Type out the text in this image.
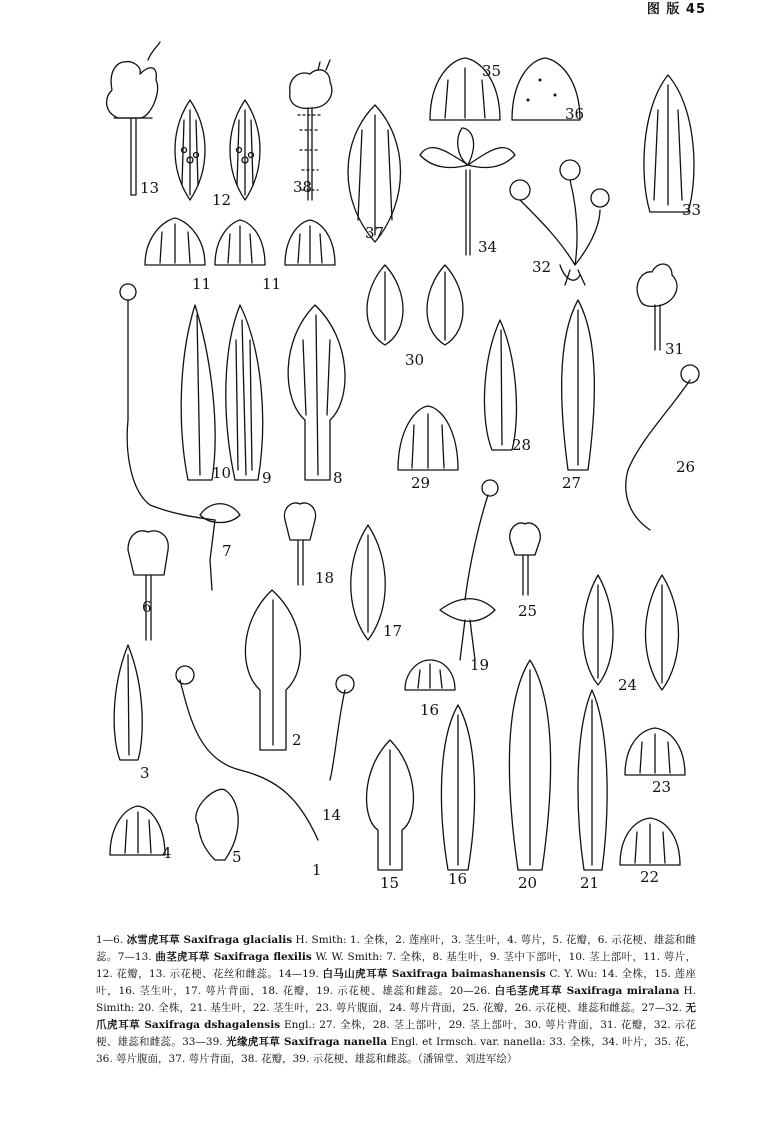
图 版 45
13
12
38
37
35
36
34
32
33
11	11
31
30
28
10 9	8	29	27
26
7
18
6	25
17
24
19
16
2
3
23
14
4	5
1
15	16	20	21	22
1—6. 冰雪虎耳草 Saxifraga glacialis H. Smith: 1. 全株，2. 莲座叶，3. 茎生叶，4. 萼片，5. 花瓣，6. 示花梗、雄蕊和雌蕊。7—13. 曲茎虎耳草 Saxifraga flexilis W. W. Smith: 7. 全株，8. 基生叶，9. 茎中下部叶，10. 茎上部叶，11. 萼片，12. 花瓣，13. 示花梗、花丝和雌蕊。14—19. 白马山虎耳草 Saxifraga baimashanensis C. Y. Wu: 14. 全株，15. 莲座叶，16. 茎生叶，17. 萼片背面，18. 花瓣，19. 示花梗、雄蕊和雌蕊。20—26. 白毛茎虎耳草 Saxifraga miralana H. Simith: 20. 全株，21. 基生叶，22. 茎生叶，23. 萼片腹面，24. 萼片背面，25. 花瓣，26. 示花梗、雄蕊和雌蕊。27—32. 无爪虎耳草 Saxifraga dshagalensis Engl.: 27. 全株，28. 茎上部叶，29. 茎上部叶，30. 萼片背面，31. 花瓣，32. 示花梗、雄蕊和雌蕊。33—39. 光缘虎耳草 Saxifraga nanella Engl. et Irmsch. var. nanella: 33. 全株，34. 叶片，35. 花，36. 萼片腹面，37. 萼片背面，38. 花瓣，39. 示花梗、雄蕊和雌蕊。（潘锦堂、刘进军绘）
